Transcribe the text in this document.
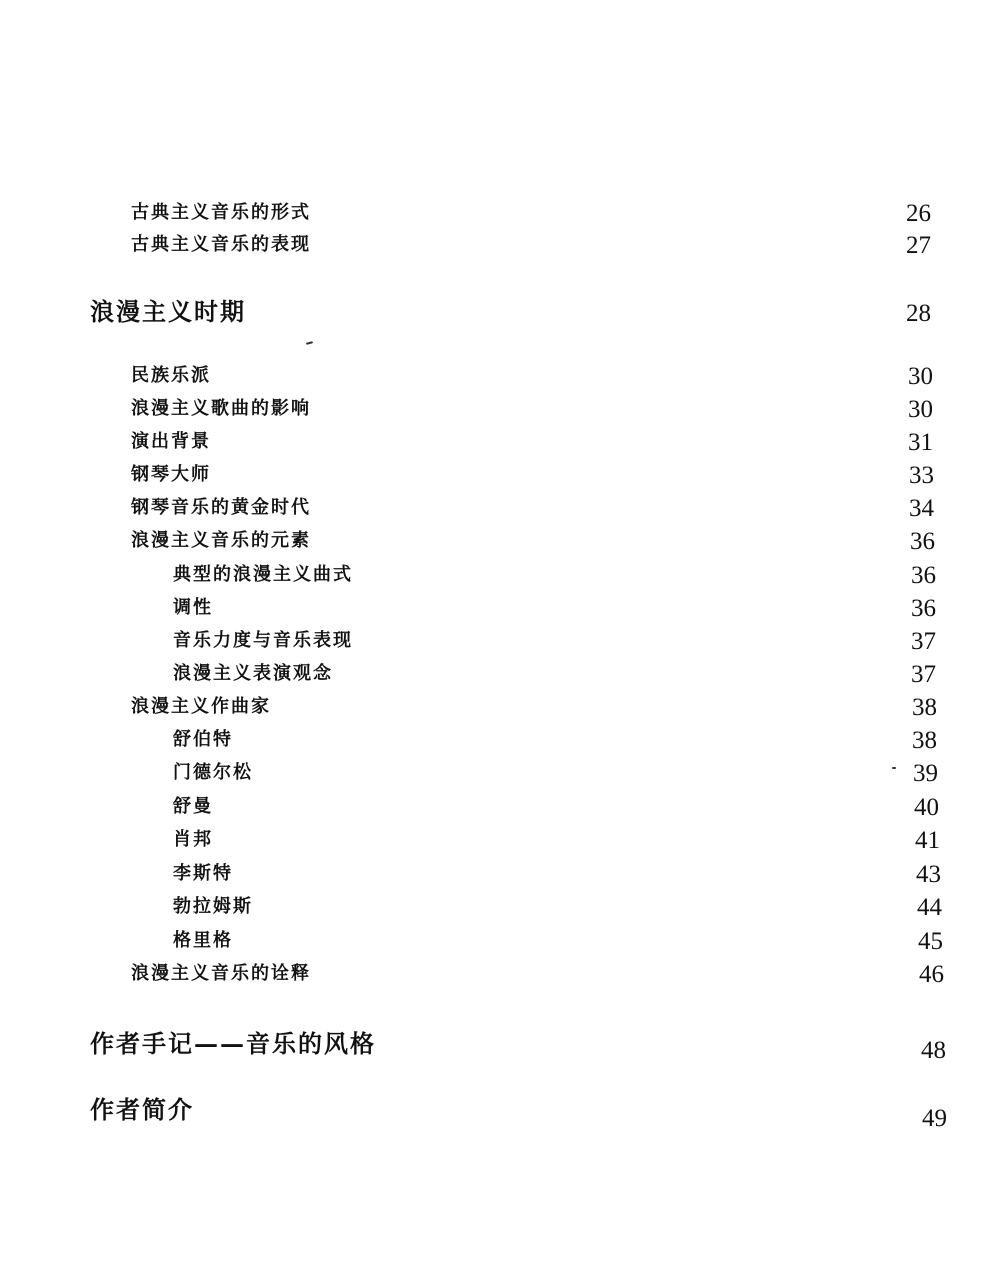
古典主义音乐的形式	26
古典主义音乐的表现	27
浪漫主义时期	28
民族乐派	30
浪漫主义歌曲的影响	30
演出背景	31
钢琴大师	33
钢琴音乐的黄金时代	34
浪漫主义音乐的元素	36
典型的浪漫主义曲式	36
调性	36
音乐力度与音乐表现	37
浪漫主义表演观念	37
浪漫主义作曲家	38
舒伯特	38
门德尔松	39
舒曼	40
肖邦	41
李斯特	43
勃拉姆斯	44
格里格	45
浪漫主义音乐的诠释	46
作者手记——音乐的风格	48
作者简介	49
